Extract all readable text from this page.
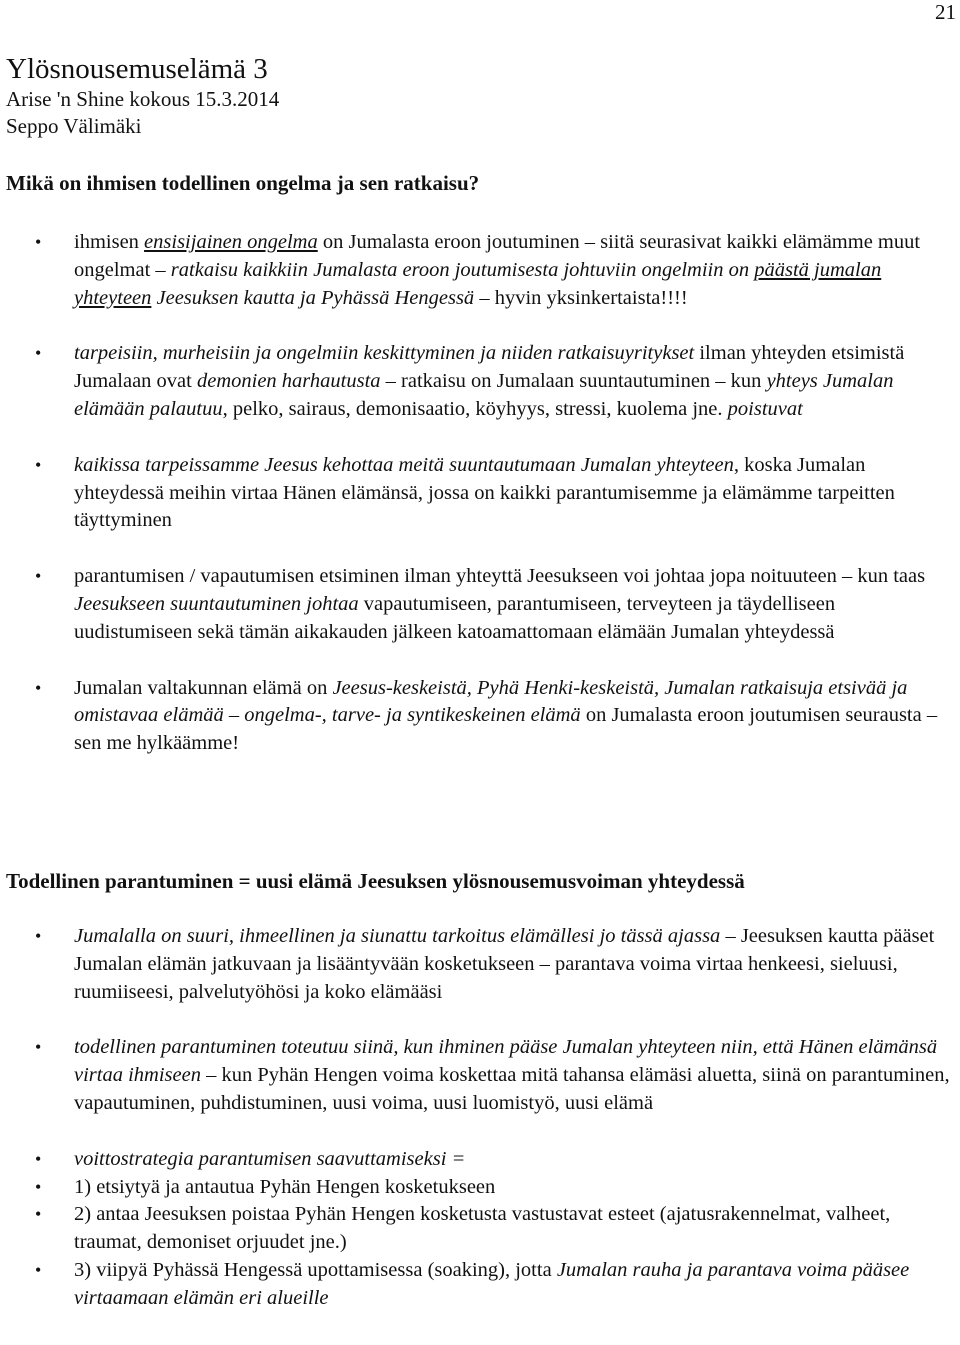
21
Ylösnousemuselämä 3
Arise 'n Shine kokous 15.3.2014
Seppo Välimäki
Mikä on ihmisen todellinen ongelma ja sen ratkaisu?
• ihmisen ensisijainen ongelma on Jumalasta eroon joutuminen – siitä seurasivat kaikki elämämme muut ongelmat – ratkaisu kaikkiin Jumalasta eroon joutumisesta johtuviin ongelmiin on päästä jumalan yhteyteen Jeesuksen kautta ja Pyhässä Hengessä – hyvin yksinkertaista!!!!
• tarpeisiin, murheisiin ja ongelmiin keskittyminen ja niiden ratkaisuyritykset ilman yhteyden etsimistä Jumalaan ovat demonien harhautusta – ratkaisu on Jumalaan suuntautuminen – kun yhteys Jumalan elämään palautuu, pelko, sairaus, demonisaatio, köyhyys, stressi, kuolema jne. poistuvat
• kaikissa tarpeissamme Jeesus kehottaa meitä suuntautumaan Jumalan yhteyteen, koska Jumalan yhteydessä meihin virtaa Hänen elämänsä, jossa on kaikki parantumisemme ja elämämme tarpeitten täyttyminen
• parantumisen / vapautumisen etsiminen ilman yhteyttä Jeesukseen voi johtaa jopa noituuteen – kun taas Jeesukseen suuntautuminen johtaa vapautumiseen, parantumiseen, terveyteen ja täydelliseen uudistumiseen sekä tämän aikakauden jälkeen katoamattomaan elämään Jumalan yhteydessä
• Jumalan valtakunnan elämä on Jeesus-keskeistä, Pyhä Henki-keskeistä, Jumalan ratkaisuja etsivää ja omistavaa elämää – ongelma-, tarve- ja syntikeskeinen elämä on Jumalasta eroon joutumisen seurausta – sen me hylkäämme!
Todellinen parantuminen = uusi elämä Jeesuksen ylösnousemusvoiman yhteydessä
• Jumalalla on suuri, ihmeellinen ja siunattu tarkoitus elämällesi jo tässä ajassa – Jeesuksen kautta pääset Jumalan elämän jatkuvaan ja lisääntyvään kosketukseen – parantava voima virtaa henkeesi, sieluusi, ruumiiseesi, palvelutyöhösi ja koko elämääsi
• todellinen parantuminen toteutuu siinä, kun ihminen pääse Jumalan yhteyteen niin, että Hänen elämänsä virtaa ihmiseen – kun Pyhän Hengen voima koskettaa mitä tahansa elämäsi aluetta, siinä on parantuminen, vapautuminen, puhdistuminen, uusi voima, uusi luomistyö, uusi elämä
• voittostrategia parantumisen saavuttamiseksi =
• 1) etsiytyä ja antautua Pyhän Hengen kosketukseen
• 2) antaa Jeesuksen poistaa Pyhän Hengen kosketusta vastustavat esteet (ajatusrakennelmat, valheet, traumat, demoniset orjuudet jne.)
• 3) viipyä Pyhässä Hengessä upottamisessa (soaking), jotta Jumalan rauha ja parantava voima pääsee virtaamaan elämän eri alueille
